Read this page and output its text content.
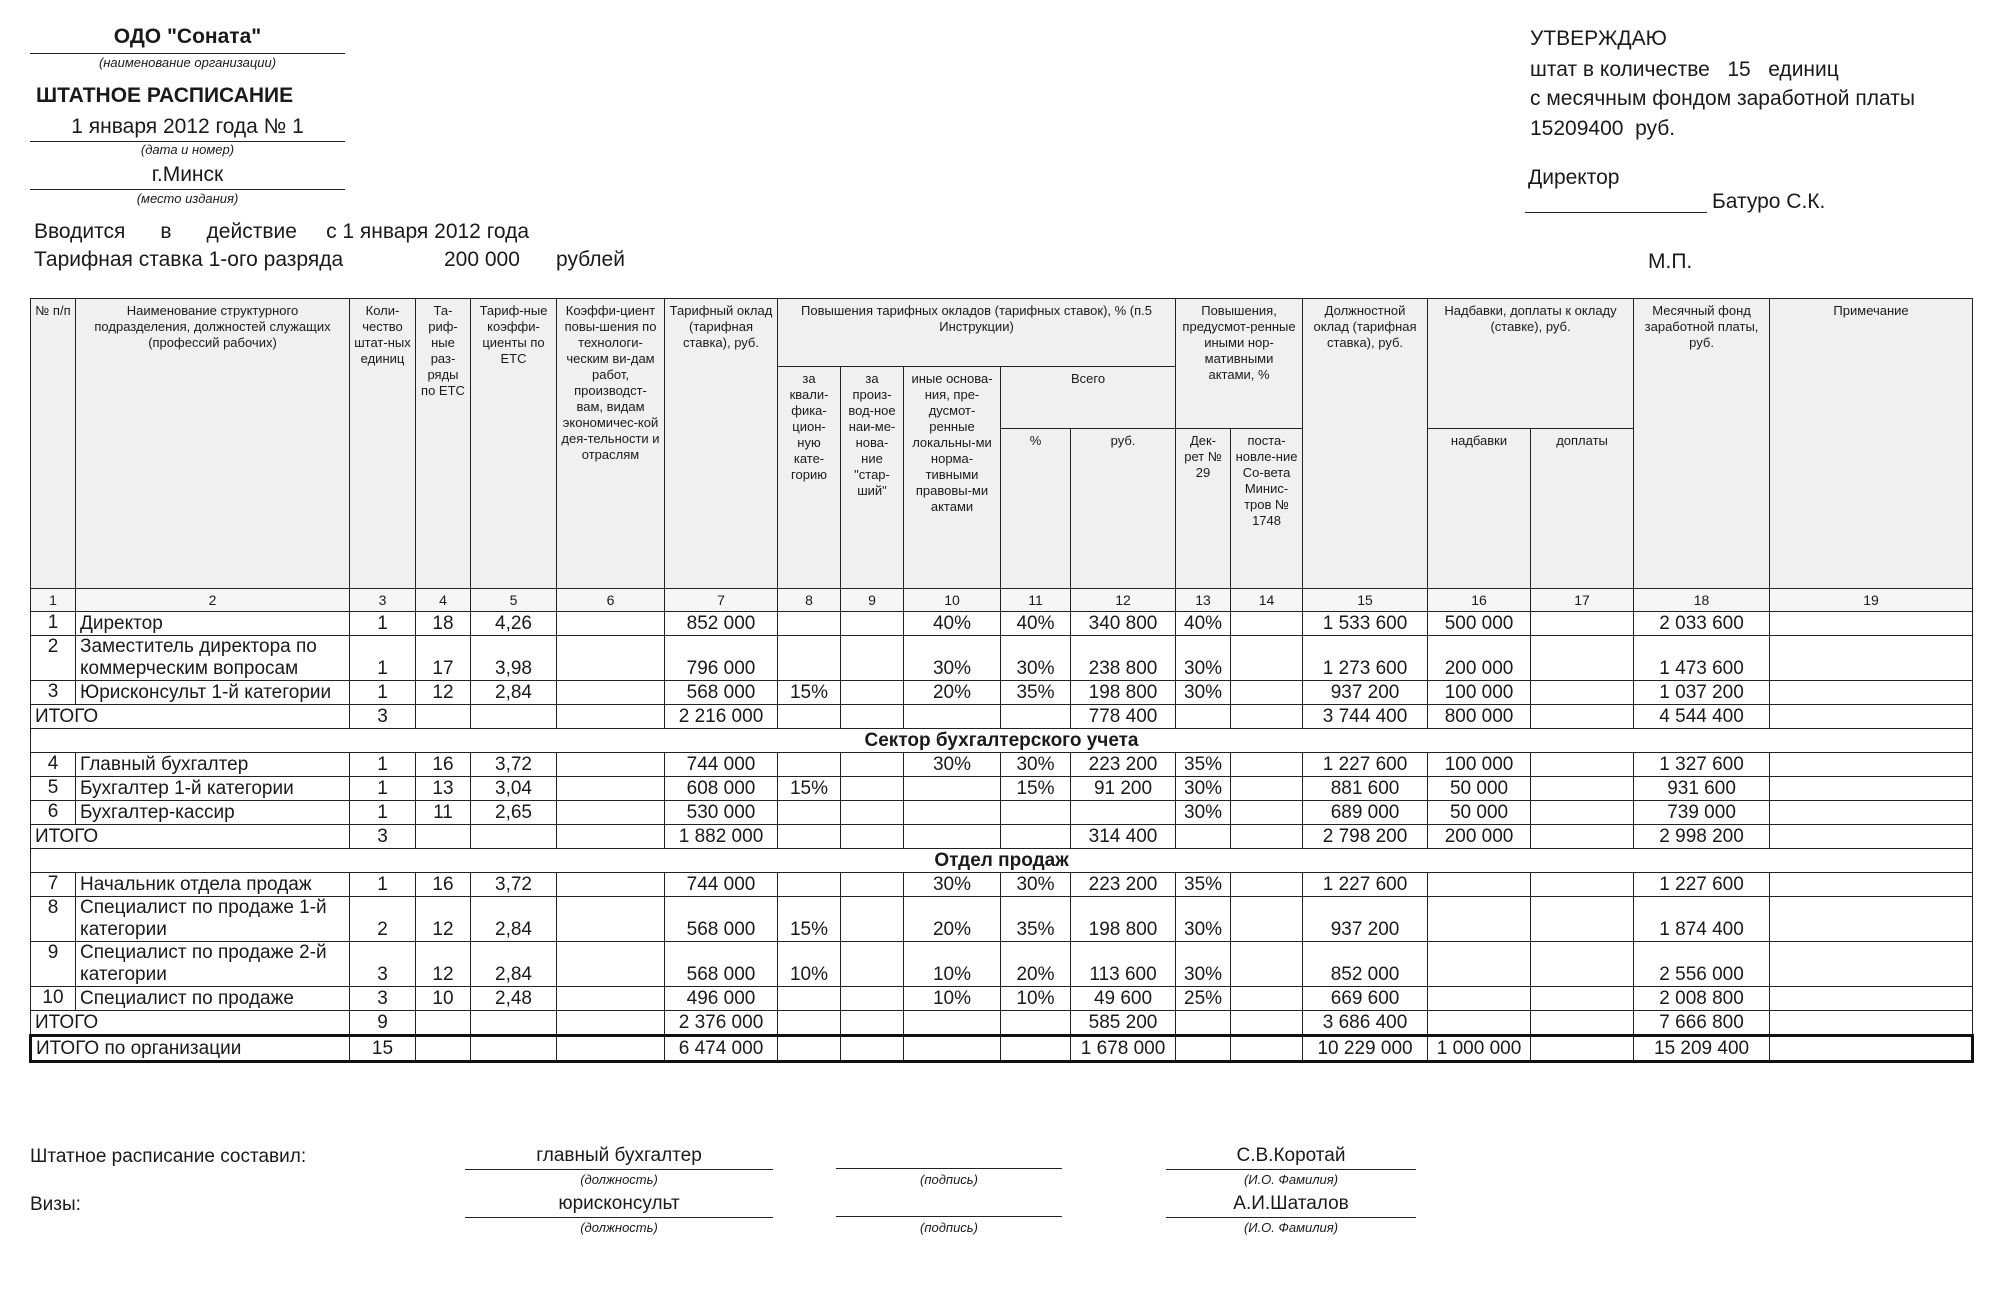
ОДО "Соната"
(наименование организации)
ШТАТНОЕ РАСПИСАНИЕ
1 января 2012 года № 1
(дата и номер)
г.Минск
(место издания)
Вводится      в      действие     с 1 января 2012 года
Тарифная ставка 1-ого разряда	200 000 рублей
УТВЕРЖДАЮ
штат в количестве   15   единиц
с месячным фондом заработной платы
15209400  руб.
Директор
Батуро С.К.
М.П.
№ п/п	Наименование структурного подразделения, должностей служащих (профессий рабочих)	Коли-чество штат-ных единиц	Та-риф-ные раз-ряды по ЕТС	Тариф-ные коэффи-циенты по ЕТС	Коэффи-циент повы-шения по технологи-ческим ви-дам работ, производст-вам, видам экономичес-кой дея-тельности и отраслям	Тарифный оклад (тарифная ставка), руб.	Повышения тарифных окладов (тарифных ставок), % (п.5 Инструкции)					Повышения, предусмот-ренные иными нор-мативными актами, %		Должностной оклад (тарифная ставка), руб.	Надбавки, доплаты к окладу (ставке), руб.		Месячный фонд заработной платы, руб.	Примечание
							за квали-фика-цион-ную кате-горию	за произ-вод-ное наи-ме-нова-ние "стар-ший"	иные основа-ния, пре-дусмот-ренные локальны-ми норма-тивными правовы-ми актами	Всего								
										%	руб.	Дек-рет № 29	поста-новле-ние Со-вета Минис-тров № 1748		надбавки	доплаты		
1	2	3	4	5	6	7	8	9	10	11	12	13	14	15	16	17	18	19
1	Директор	1	18	4,26		852 000			40%	40%	340 800	40%		1 533 600	500 000		2 033 600	
2	Заместитель директора по коммерческим вопросам	1	17	3,98		796 000			30%	30%	238 800	30%		1 273 600	200 000		1 473 600	
3	Юрисконсульт 1-й категории	1	12	2,84		568 000	15%		20%	35%	198 800	30%		937 200	100 000		1 037 200	
ИТОГО		3				2 216 000					778 400			3 744 400	800 000		4 544 400	
Сектор бухгалтерского учета																		
4	Главный бухгалтер	1	16	3,72		744 000			30%	30%	223 200	35%		1 227 600	100 000		1 327 600	
5	Бухгалтер 1-й категории	1	13	3,04		608 000	15%			15%	91 200	30%		881 600	50 000		931 600	
6	Бухгалтер-кассир	1	11	2,65		530 000						30%		689 000	50 000		739 000	
ИТОГО		3				1 882 000					314 400			2 798 200	200 000		2 998 200	
Отдел продаж																		
7	Начальник отдела продаж	1	16	3,72		744 000			30%	30%	223 200	35%		1 227 600			1 227 600	
8	Специалист по продаже 1-й категории	2	12	2,84		568 000	15%		20%	35%	198 800	30%		937 200			1 874 400	
9	Специалист по продаже 2-й категории	3	12	2,84		568 000	10%		10%	20%	113 600	30%		852 000			2 556 000	
10	Специалист по продаже	3	10	2,48		496 000			10%	10%	49 600	25%		669 600			2 008 800	
ИТОГО		9				2 376 000					585 200			3 686 400			7 666 800	
ИТОГО по организации		15				6 474 000					1 678 000			10 229 000	1 000 000		15 209 400	
Штатное расписание составил:	главный бухгалтер
(должность)	(подпись)
С.В.Коротай
(И.О. Фамилия)
Визы:	юрисконсульт
(должность)	(подпись)
А.И.Шаталов
(И.О. Фамилия)
